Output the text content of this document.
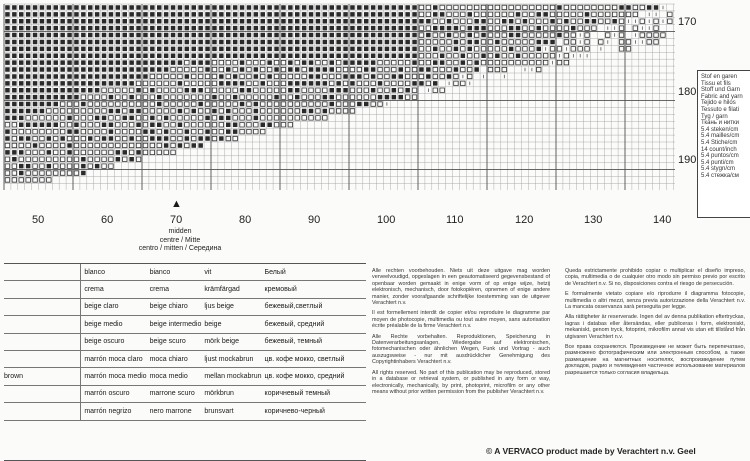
170
180
190
Stof en garen
Tissu et fils
Stoff und Garn
Fabric and yarn
Tejido e hilos
Tessuto e filati
Tyg / garn
Ткань и нитки
5.4 steken/cm
5.4 mailles/cm
5.4 Stiche/cm
14 count/inch
5.4 puntos/cm
5.4 punti/cm
5.4 stygn/cm
5.4 стежка/см
50	60	70	80	90	100	110	120	130	140
▲
midden
centre / Mitte
centro / mitten / Середина
	blanco	bianco	vit	Белый
	crema	crema	krämfärgad	кремовый
	beige claro	beige chiaro	ljus beige	бежевый,светлый
	beige medio	beige intermedio	beige	бежевый, средний
	beige oscuro	beige scuro	mörk beige	бежевый, темный
	marrón moca claro	moca chiaro	ljust mockabrun	цв. кофе мокко, светлый
brown	marrón moca medio	moca medio	mellan mockabrun	цв. кофе мокко, средний
	marrón oscuro	marrone scuro	mörkbrun	коричневый темный
	marrón negrizo	nero marrone	brunsvart	коричнево-черный

Alle rechten voorbehouden. Niets uit deze uitgave mag worden verveelvoudigd, opgeslagen in een geautomatiseerd gegevensbestand of openbaar worden gemaakt in enige vorm of op enige wijze, hetzij elektronisch, mechanisch, door fotokopiëren, opnemen of enige andere manier, zonder voorafgaande schriftelijke toestemming van de uitgever Verachtert n.v.

Il est formellement interdit de copier et/ou reproduire le diagramme par moyen de photocopie, multimedia ou tout autre moyen, sans autorisation écrite préalable de la firme Verachtert n.v.

Alle Rechte vorbehalten. Reproduktionen, Speicherung in Datenverarbeitungsanlagen, Wiedergabe auf elektronischen, fotomechanischen oder ähnlichen Wegen, Funk und Vortrag - auch auszugsweise - nur mit ausdrücklicher Genehmigung des Copyrightinhabers Verachtert n.v.

All rights reserved. No part of this publication may be reproduced, stored in a database or retrieval system, or published in any form or way, electronically, mechanically, by print, photoprint, microfilm or any other means without prior written permission from the publisher Verachtert n.v.

Queda estrictamente prohibido copiar o multiplicar el diseño impreso, copia, multimedia o de cualquier otro modo sin permiso previo por escrito de Verachtert n.v. Si no, disposiciones contra el riesgo de persecución.

E formalmente vietato copiare e/o riprodurre il diagramma fotocopie, multimedia o altri mezzi, senza previa autorizzazione della Verachtert n.v. La mancata osservanza sarà perseguita per legge.

Alla rättigheter är reserverade. Ingen del av denna publikation eftertryckas, lagras i databas eller återsändas, eller publiceras i form, elektroniskt, mekaniskt, genom tryck, fotoprint, mikrofilm annat vis utan ett tillstånd från utgivaren Verachtert n.v.

Все права сохраняются. Произведение не может быть перепечатано, размножено фотографическим или электронным способом, а также размещение на магнитных носителях, воспроизведение путем докладов, радио и телевидения частичное использование материалов разрешается только согласия владельца.

© A VERVACO product made by Verachtert n.v. Geel
